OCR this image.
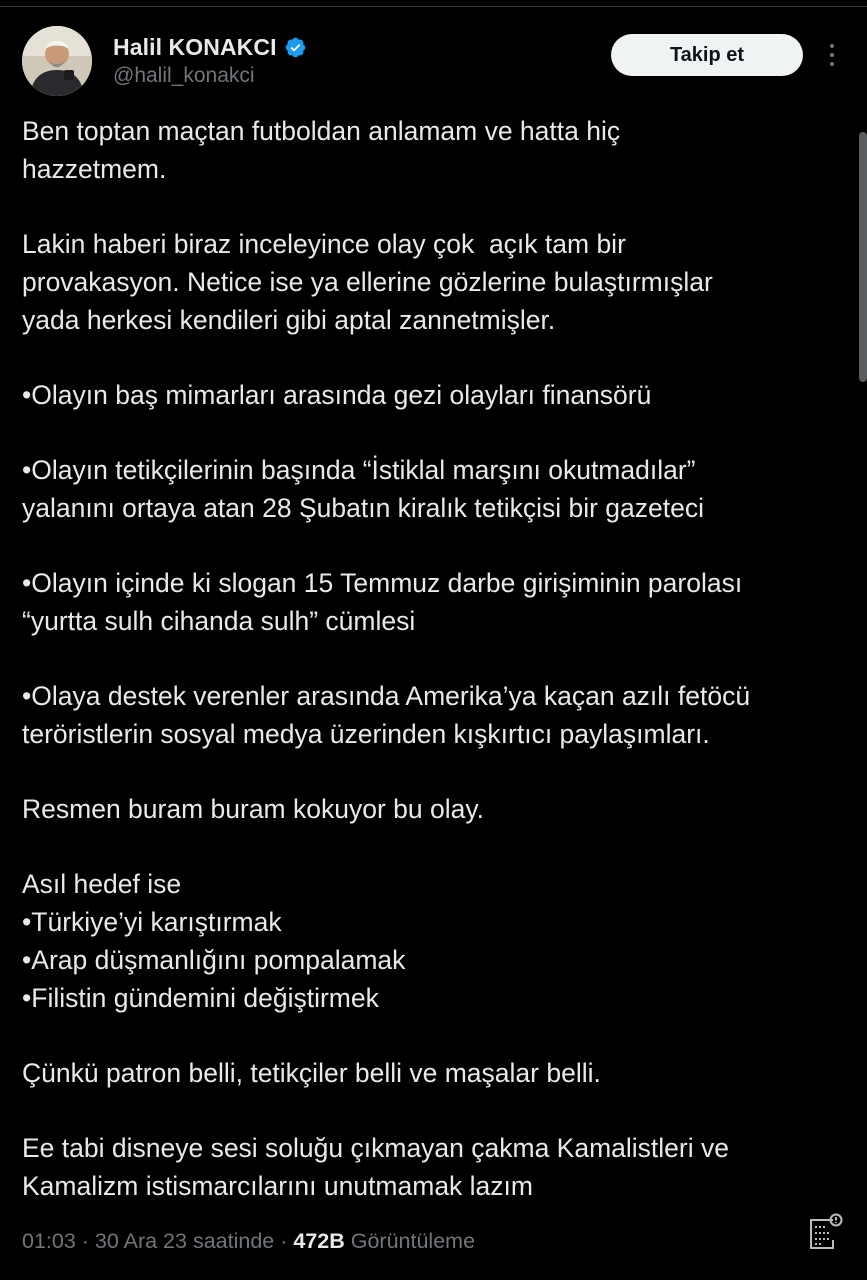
Halil KONAKCI
@halil_konakci
Takip et

Ben toptan maçtan futboldan anlamam ve hatta hiç

hazzetmem.

Lakin haberi biraz inceleyince olay çok  açık tam bir

provakasyon. Netice ise ya ellerine gözlerine bulaştırmışlar

yada herkesi kendileri gibi aptal zannetmişler.

•Olayın baş mimarları arasında gezi olayları finansörü

•Olayın tetikçilerinin başında “İstiklal marşını okutmadılar”

yalanını ortaya atan 28 Şubatın kiralık tetikçisi bir gazeteci

•Olayın içinde ki slogan 15 Temmuz darbe girişiminin parolası

“yurtta sulh cihanda sulh” cümlesi

•Olaya destek verenler arasında Amerika’ya kaçan azılı fetöcü

teröristlerin sosyal medya üzerinden kışkırtıcı paylaşımları.

Resmen buram buram kokuyor bu olay.

Asıl hedef ise

•Türkiye’yi karıştırmak

•Arap düşmanlığını pompalamak

•Filistin gündemini değiştirmek

Çünkü patron belli, tetikçiler belli ve maşalar belli.

Ee tabi disneye sesi soluğu çıkmayan çakma Kamalistleri ve

Kamalizm istismarcılarını unutmamak lazım

01:03 · 30 Ara 23 saatinde · 472B Görüntüleme
